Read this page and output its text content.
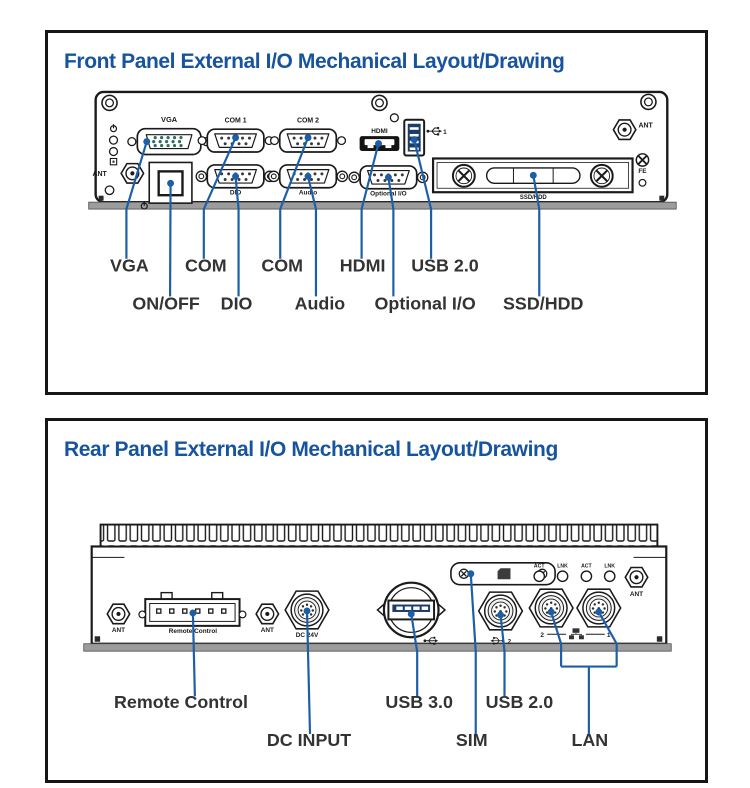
Front Panel External I/O Mechanical Layout/Drawing
ANT
VGA	COM 1	COM 2
DIO	Audio	Optional I/O
HDMI	1
SSD/HDD
ANT
FE
VGA COM COM HDMI USB 2.0
ON/OFF DIO Audio Optional I/O SSD/HDD
Rear Panel External I/O Mechanical Layout/Drawing
ANT	Remote Control	ANT
DC 24V
2
ACT LNK	ACT LNK
2	1
ANT
Remote Control	USB 3.0 USB 2.0
DC INPUT	SIM	LAN
